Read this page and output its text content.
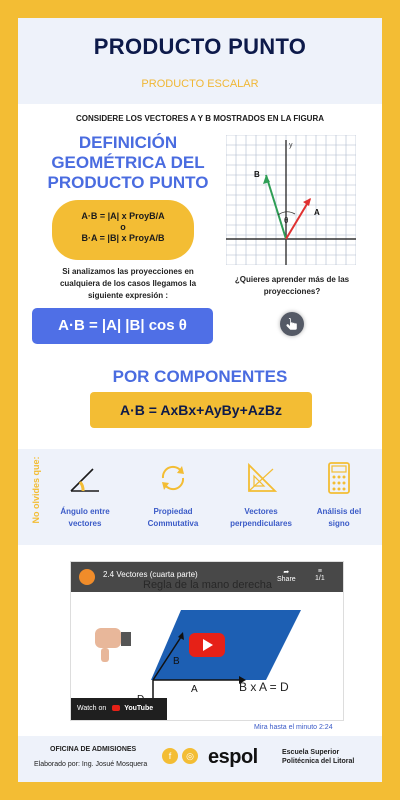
PRODUCTO PUNTO
PRODUCTO ESCALAR
CONSIDERE LOS VECTORES A Y B MOSTRADOS EN LA FIGURA
DEFINICIÓN
GEOMÉTRICA DEL
PRODUCTO PUNTO
A·B = |A| x ProyB/A
o
B·A = |B| x ProyA/B
Si analizamos las proyecciones en
cualquiera de los casos llegamos la
siguiente expresión :
A·B = |A| |B| cos θ
y
θ
B
A
¿Quieres aprender más de las
proyecciones?
POR COMPONENTES
A·B = AxBx+AyBy+AzBz
No olvides que:	Ángulo entre
vectores
Propiedad
Commutativa
Vectores
perpendiculares
Análisis del
signo
B
A
2.4 Vectores (cuarta parte)	➦
Share
≡
1/1
B x A = D
Watch on	YouTube
Mira hasta el minuto 2:24
OFICINA DE ADMISIONES
Elaborado por: Ing. Josué Mosquera
f	◎ espol	Escuela Superior
Politécnica del Litoral
